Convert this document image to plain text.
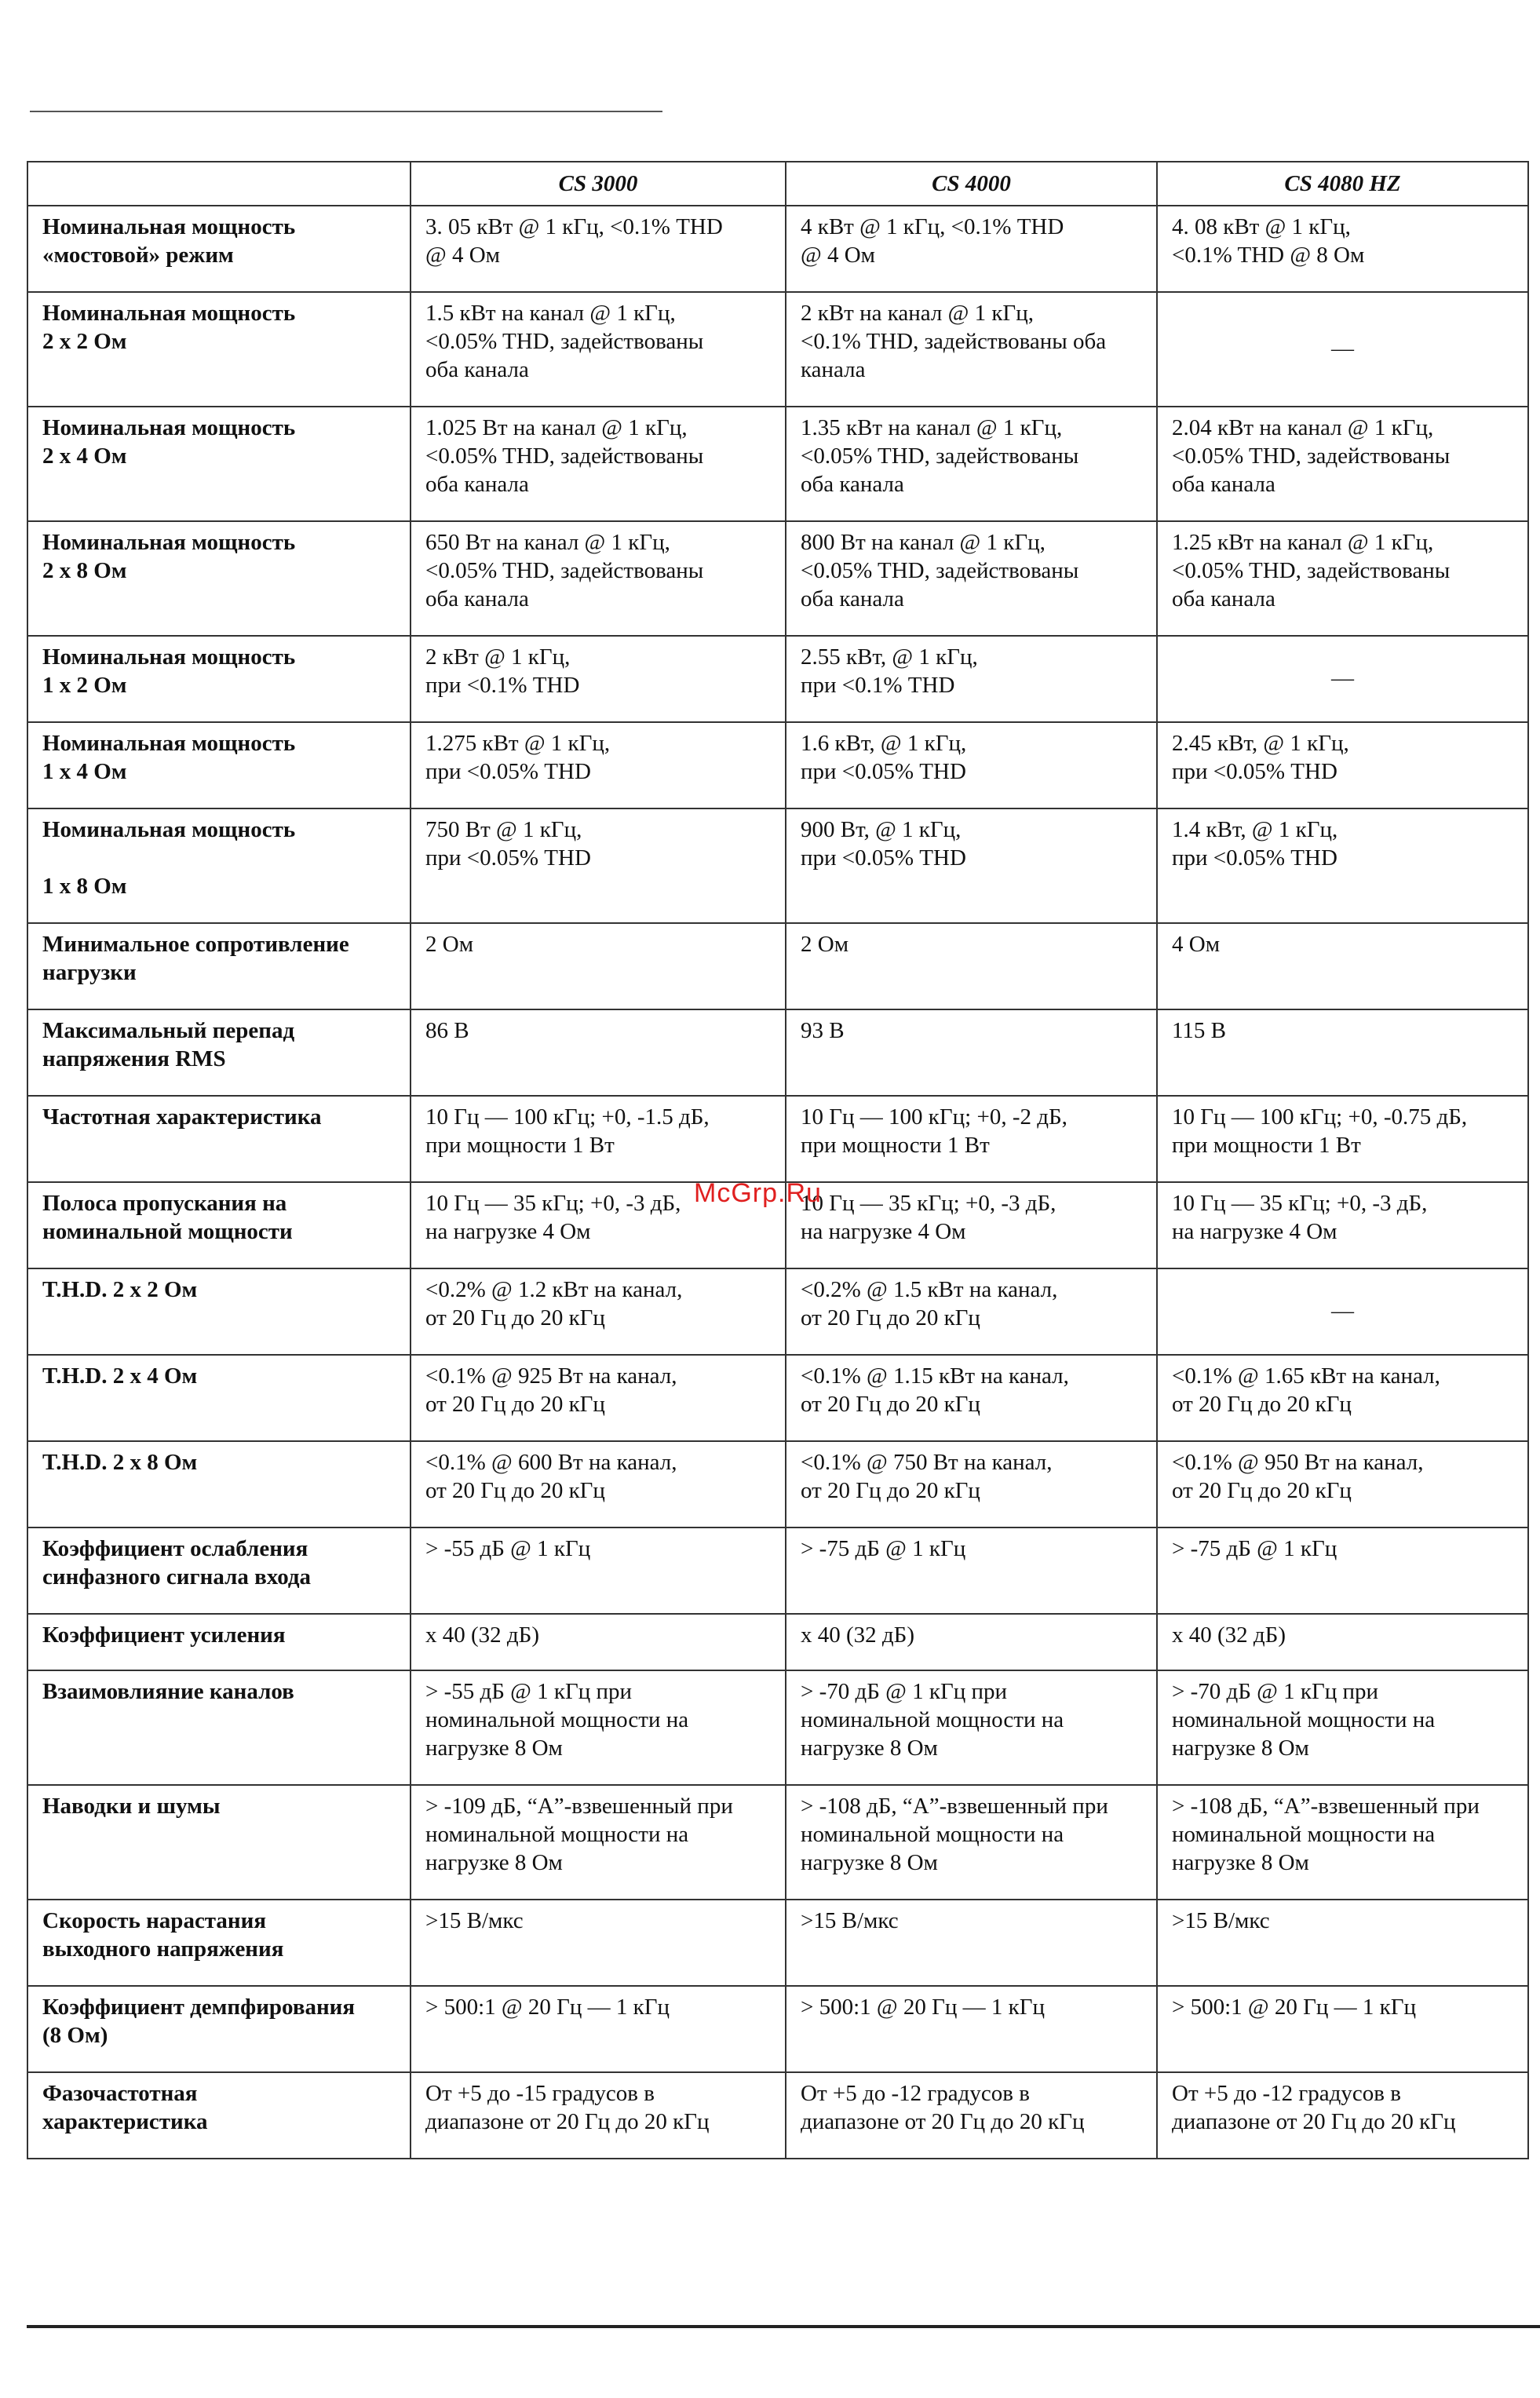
	CS 3000	CS 4000	CS 4080 HZ

Номинальная мощность
«мостовой» режим	3. 05 кВт @ 1 кГц, <0.1% THD
@ 4 Ом	4 кВт @ 1 кГц, <0.1% THD
@ 4 Ом	4. 08 кВт @ 1 кГц,
<0.1% THD @ 8 Ом

Номинальная мощность
2 x 2 Ом	1.5 кВт на канал @ 1 кГц,
<0.05% THD, задействованы
оба канала	2 кВт на канал @ 1 кГц,
<0.1% THD, задействованы оба
канала	—

Номинальная мощность
2 x 4 Ом	1.025 Вт на канал @ 1 кГц,
<0.05% THD, задействованы
оба канала	1.35 кВт на канал @ 1 кГц,
<0.05% THD, задействованы
оба канала	2.04 кВт на канал @ 1 кГц,
<0.05% THD, задействованы
оба канала

Номинальная мощность
2 x 8 Ом	650 Вт на канал @ 1 кГц,
<0.05% THD, задействованы
оба канала	800 Вт на канал @ 1 кГц,
<0.05% THD, задействованы
оба канала	1.25 кВт на канал @ 1 кГц,
<0.05% THD, задействованы
оба канала

Номинальная мощность
1 x 2 Ом	2 кВт @ 1 кГц,
при <0.1% THD	2.55 кВт, @ 1 кГц,
при <0.1% THD	—

Номинальная мощность
1 x 4 Ом	1.275 кВт @ 1 кГц,
при <0.05% THD	1.6 кВт, @ 1 кГц,
при <0.05% THD	2.45 кВт, @ 1 кГц,
при <0.05% THD

Номинальная мощность
1 x 8 Ом	750 Вт @ 1 кГц,
при <0.05% THD	900 Вт, @ 1 кГц,
при <0.05% THD	1.4 кВт, @ 1 кГц,
при <0.05% THD

Минимальное сопротивление
нагрузки	2 Ом	2 Ом	4 Ом

Максимальный перепад
напряжения RMS	86 В	93 В	115 В

Частотная характеристика	10 Гц — 100 кГц; +0, -1.5 дБ,
при мощности 1 Вт	10 Гц — 100 кГц; +0, -2 дБ,
при мощности 1 Вт	10 Гц — 100 кГц; +0, -0.75 дБ,
при мощности 1 Вт

Полоса пропускания на
номинальной мощности	10 Гц — 35 кГц; +0, -3 дБ,
на нагрузке 4 Ом	10 Гц — 35 кГц; +0, -3 дБ,
на нагрузке 4 Ом	10 Гц — 35 кГц; +0, -3 дБ,
на нагрузке 4 Ом

T.H.D. 2 x 2 Ом	<0.2% @ 1.2 кВт на канал,
от 20 Гц до 20 кГц	<0.2% @ 1.5 кВт на канал,
от 20 Гц до 20 кГц	—

T.H.D. 2 x 4 Ом	<0.1% @ 925 Вт на канал,
от 20 Гц до 20 кГц	<0.1% @ 1.15 кВт на канал,
от 20 Гц до 20 кГц	<0.1% @ 1.65 кВт на канал,
от 20 Гц до 20 кГц

T.H.D. 2 x 8 Ом	<0.1% @ 600 Вт на канал,
от 20 Гц до 20 кГц	<0.1% @ 750 Вт на канал,
от 20 Гц до 20 кГц	<0.1% @ 950 Вт на канал,
от 20 Гц до 20 кГц

Коэффициент ослабления
синфазного сигнала входа	> -55 дБ @ 1 кГц	> -75 дБ @ 1 кГц	> -75 дБ @ 1 кГц

Коэффициент усиления	x 40 (32 дБ)	x 40 (32 дБ)	x 40 (32 дБ)

Взаимовлияние каналов	> -55 дБ @ 1 кГц при
номинальной мощности на
нагрузке 8 Ом	> -70 дБ @ 1 кГц при
номинальной мощности на
нагрузке 8 Ом	> -70 дБ @ 1 кГц при
номинальной мощности на
нагрузке 8 Ом

Наводки и шумы	> -109 дБ, “А”-взвешенный при
номинальной мощности на
нагрузке 8 Ом	> -108 дБ, “А”-взвешенный при
номинальной мощности на
нагрузке 8 Ом	> -108 дБ, “А”-взвешенный при
номинальной мощности на
нагрузке 8 Ом

Скорость нарастания
выходного напряжения	>15 В/мкс	>15 В/мкс	>15 В/мкс

Коэффициент демпфирования
(8 Ом)	> 500:1 @ 20 Гц — 1 кГц	> 500:1 @ 20 Гц — 1 кГц	> 500:1 @ 20 Гц — 1 кГц

Фазочастотная
характеристика	От +5 до -15 градусов в
диапазоне от 20 Гц до 20 кГц	От +5 до -12 градусов в
диапазоне от 20 Гц до 20 кГц	От +5 до -12 градусов в
диапазоне от 20 Гц до 20 кГц
McGrp.Ru
